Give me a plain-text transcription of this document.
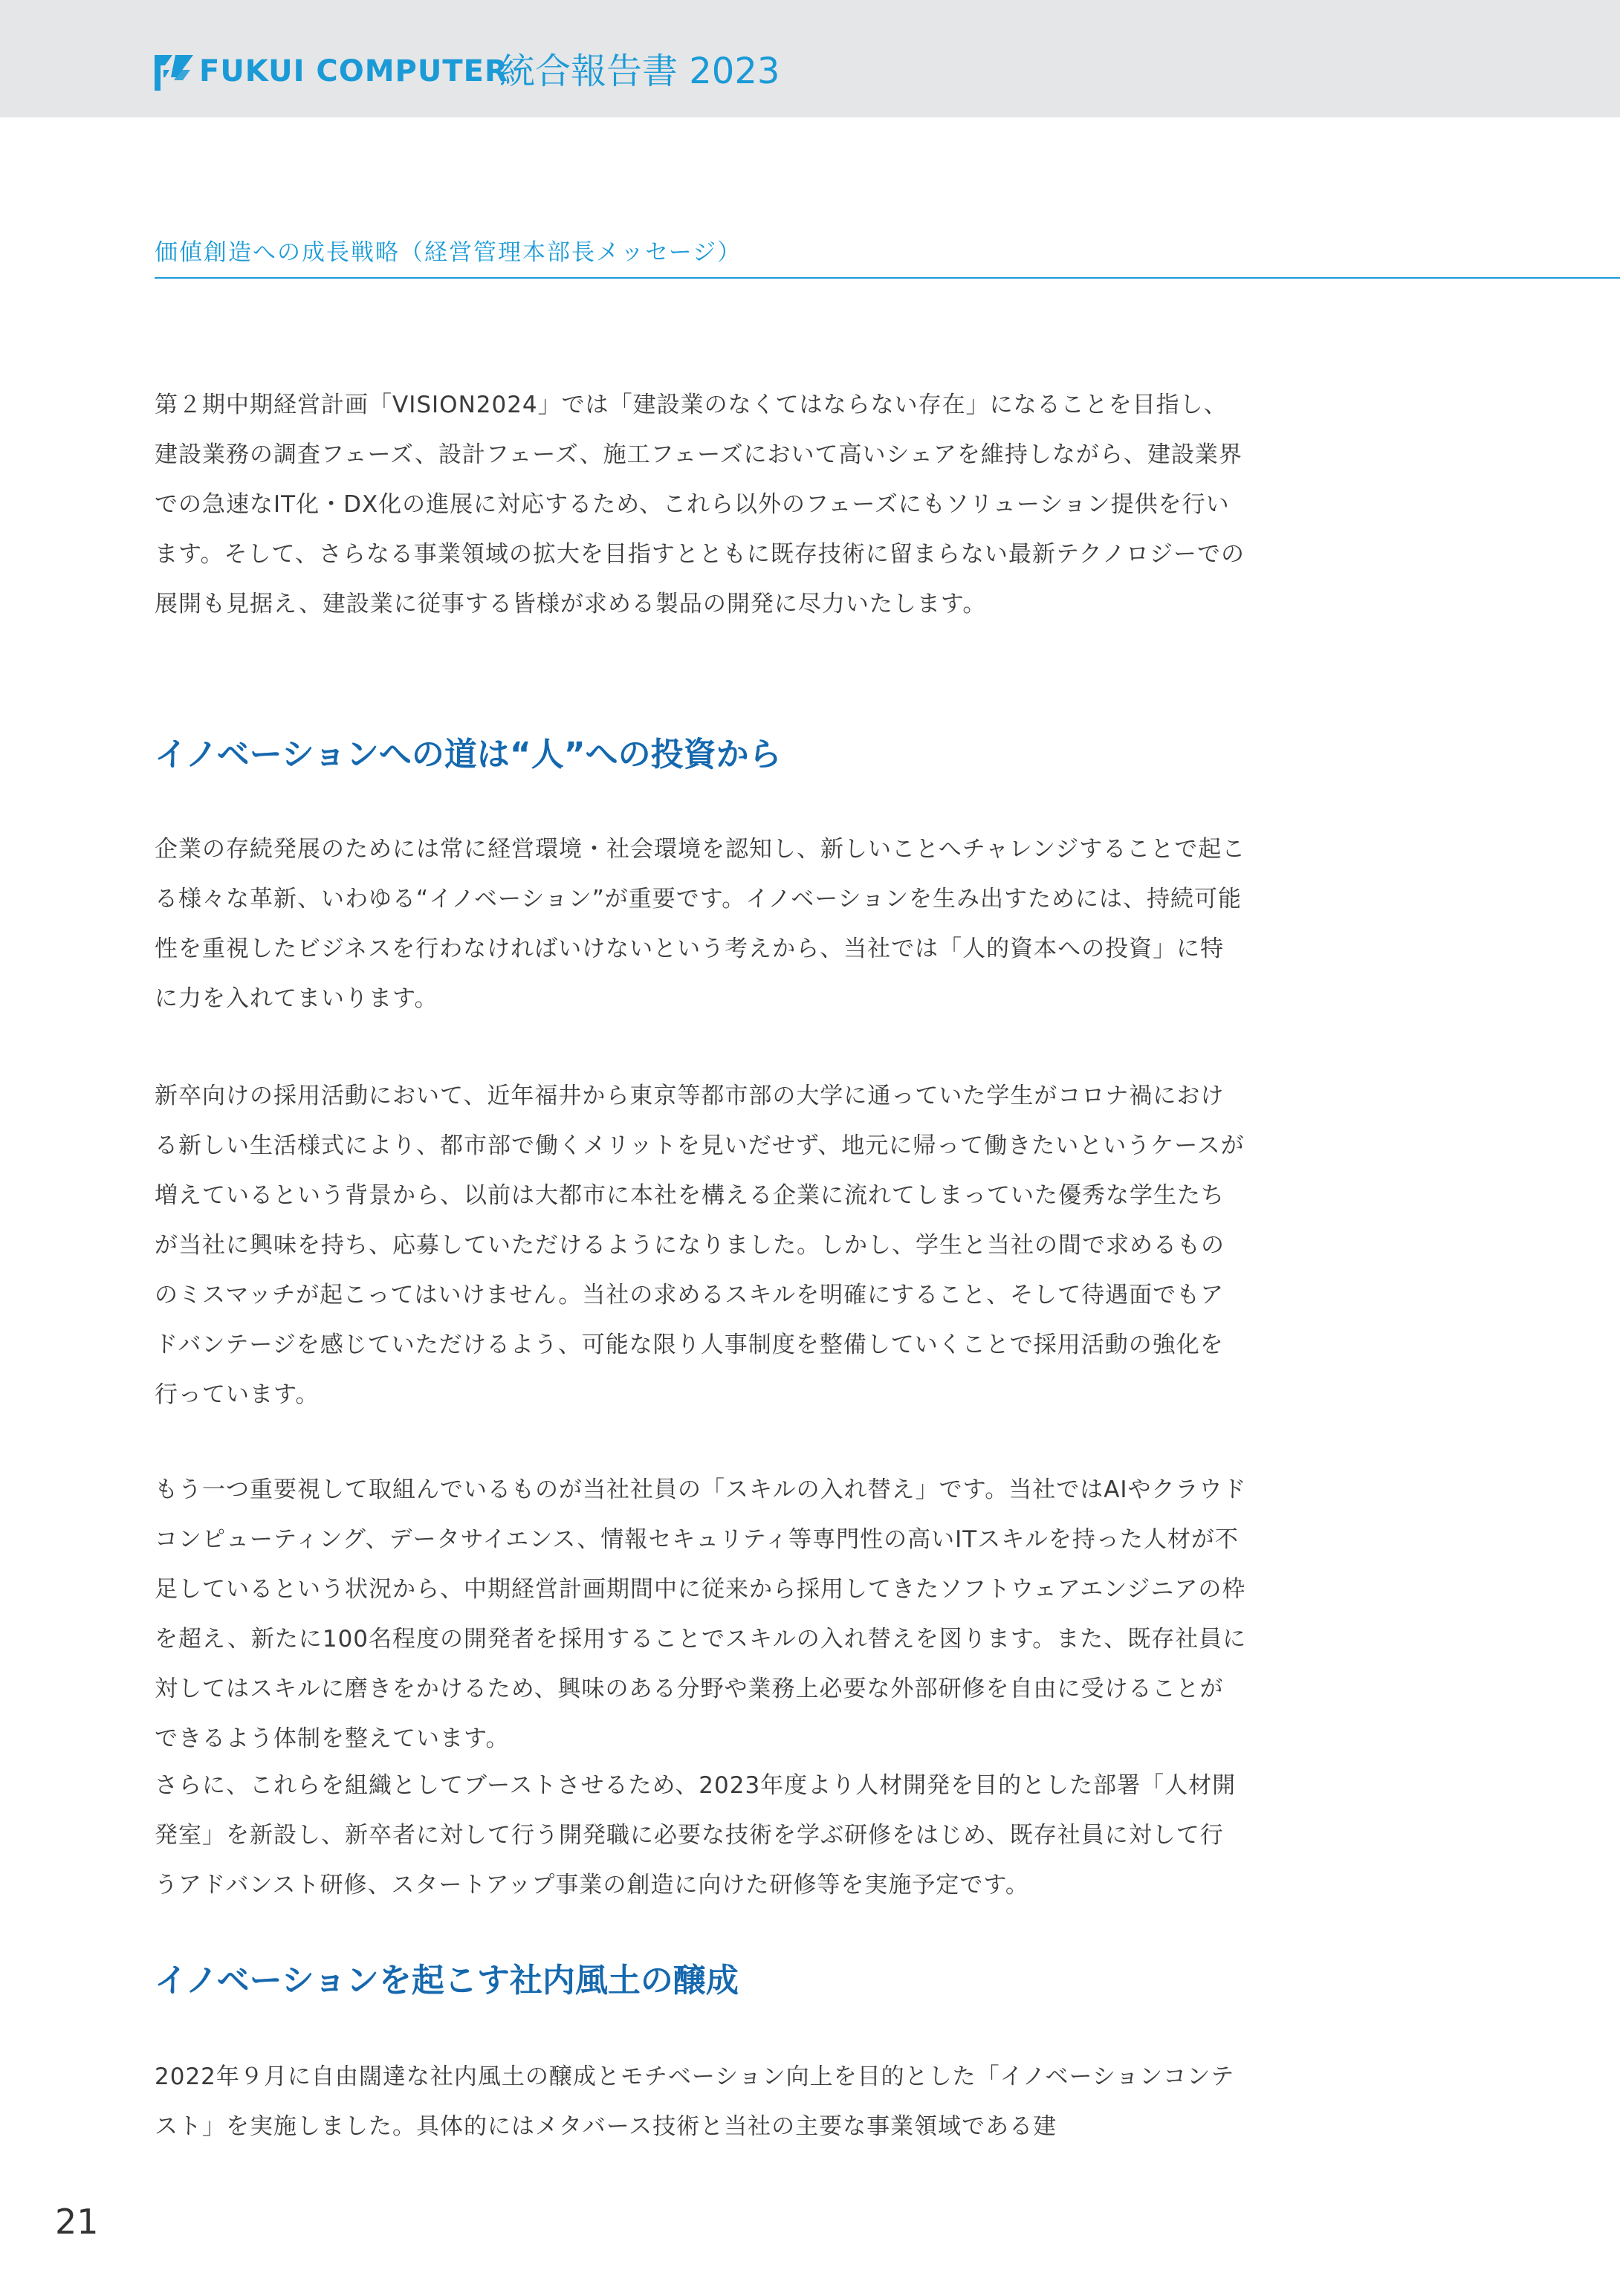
FUKUI COMPUTER
統合報告書 2023
価値創造への成長戦略（経営管理本部長メッセージ）

第２期中期経営計画「VISION2024」では「建設業のなくてはならない存在」になることを目指し、建設業務の調査フェーズ、設計フェーズ、施工フェーズにおいて高いシェアを維持しながら、建設業界での急速なIT化・DX化の進展に対応するため、これら以外のフェーズにもソリューション提供を行います。そして、さらなる事業領域の拡大を目指すとともに既存技術に留まらない最新テクノロジーでの展開も見据え、建設業に従事する皆様が求める製品の開発に尽力いたします。

イノベーションへの道は“人”への投資から

企業の存続発展のためには常に経営環境・社会環境を認知し、新しいことへチャレンジすることで起こる様々な革新、いわゆる“イノベーション”が重要です。イノベーションを生み出すためには、持続可能性を重視したビジネスを行わなければいけないという考えから、当社では「人的資本への投資」に特に力を入れてまいります。

新卒向けの採用活動において、近年福井から東京等都市部の大学に通っていた学生がコロナ禍における新しい生活様式により、都市部で働くメリットを見いだせず、地元に帰って働きたいというケースが増えているという背景から、以前は大都市に本社を構える企業に流れてしまっていた優秀な学生たちが当社に興味を持ち、応募していただけるようになりました。しかし、学生と当社の間で求めるもののミスマッチが起こってはいけません。当社の求めるスキルを明確にすること、そして待遇面でもアドバンテージを感じていただけるよう、可能な限り人事制度を整備していくことで採用活動の強化を行っています。

もう一つ重要視して取組んでいるものが当社社員の「スキルの入れ替え」です。当社ではAIやクラウドコンピューティング、データサイエンス、情報セキュリティ等専門性の高いITスキルを持った人材が不足しているという状況から、中期経営計画期間中に従来から採用してきたソフトウェアエンジニアの枠を超え、新たに100名程度の開発者を採用することでスキルの入れ替えを図ります。また、既存社員に対してはスキルに磨きをかけるため、興味のある分野や業務上必要な外部研修を自由に受けることができるよう体制を整えています。

さらに、これらを組織としてブーストさせるため、2023年度より人材開発を目的とした部署「人材開発室」を新設し、新卒者に対して行う開発職に必要な技術を学ぶ研修をはじめ、既存社員に対して行うアドバンスト研修、スタートアップ事業の創造に向けた研修等を実施予定です。

イノベーションを起こす社内風土の醸成

2022年９月に自由闊達な社内風土の醸成とモチベーション向上を目的とした「イノベーションコンテスト」を実施しました。具体的にはメタバース技術と当社の主要な事業領域である建

21
